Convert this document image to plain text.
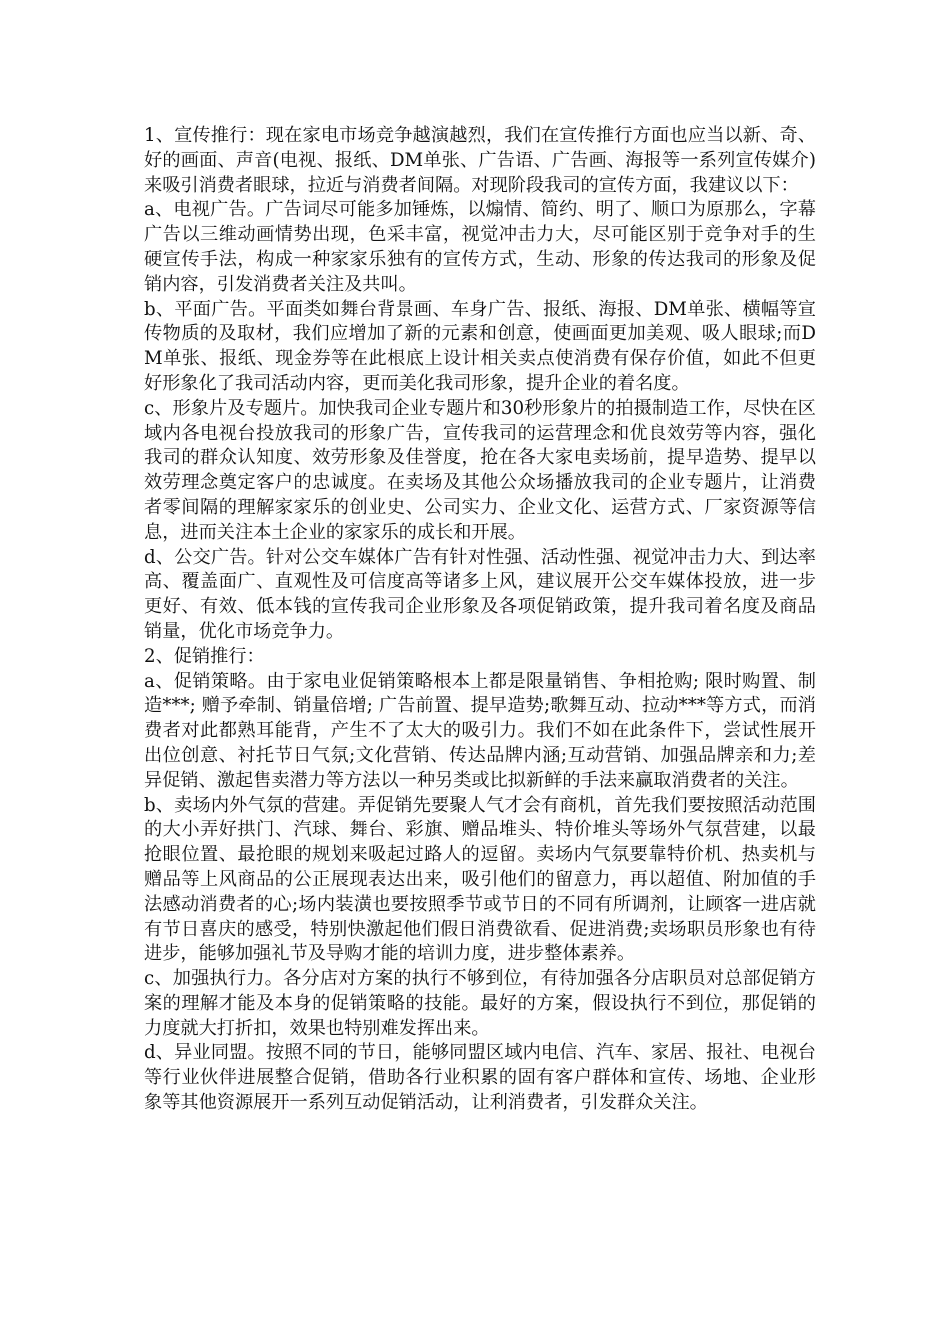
1、宣传推行：现在家电市场竞争越演越烈，我们在宣传推行方面也应当以新、奇、好的画面、声音(电视、报纸、DM单张、广告语、广告画、海报等一系列宣传媒介)来吸引消费者眼球，拉近与消费者间隔。对现阶段我司的宣传方面，我建议以下：

a、电视广告。广告词尽可能多加锤炼，以煽情、简约、明了、顺口为原那么，字幕广告以三维动画情势出现，色采丰富，视觉冲击力大，尽可能区别于竞争对手的生硬宣传手法，构成一种家家乐独有的宣传方式，生动、形象的传达我司的形象及促销内容，引发消费者关注及共叫。

b、平面广告。平面类如舞台背景画、车身广告、报纸、海报、DM单张、横幅等宣传物质的及取材，我们应增加了新的元素和创意，使画面更加美观、吸人眼球;而DM单张、报纸、现金券等在此根底上设计相关卖点使消费有保存价值，如此不但更好形象化了我司活动内容，更而美化我司形象，提升企业的着名度。

c、形象片及专题片。加快我司企业专题片和30秒形象片的拍摄制造工作，尽快在区域内各电视台投放我司的形象广告，宣传我司的运营理念和优良效劳等内容，强化我司的群众认知度、效劳形象及佳誉度，抢在各大家电卖场前，提早造势、提早以效劳理念奠定客户的忠诚度。在卖场及其他公众场播放我司的企业专题片，让消费者零间隔的理解家家乐的创业史、公司实力、企业文化、运营方式、厂家资源等信息，进而关注本土企业的家家乐的成长和开展。

d、公交广告。针对公交车媒体广告有针对性强、活动性强、视觉冲击力大、到达率高、覆盖面广、直观性及可信度高等诸多上风，建议展开公交车媒体投放，进一步更好、有效、低本钱的宣传我司企业形象及各项促销政策，提升我司着名度及商品销量，优化市场竞争力。

2、促销推行：

a、促销策略。由于家电业促销策略根本上都是限量销售、争相抢购; 限时购置、制造***; 赠予牵制、销量倍增; 广告前置、提早造势;歌舞互动、拉动***等方式，而消费者对此都熟耳能背，产生不了太大的吸引力。我们不如在此条件下，尝试性展开出位创意、衬托节日气氛;文化营销、传达品牌内涵;互动营销、加强品牌亲和力;差异促销、激起售卖潜力等方法以一种另类或比拟新鲜的手法来赢取消费者的关注。

b、卖场内外气氛的营建。弄促销先要聚人气才会有商机，首先我们要按照活动范围的大小弄好拱门、汽球、舞台、彩旗、赠品堆头、特价堆头等场外气氛营建，以最抢眼位置、最抢眼的规划来吸起过路人的逗留。卖场内气氛要靠特价机、热卖机与赠品等上风商品的公正展现表达出来，吸引他们的留意力，再以超值、附加值的手法感动消费者的心;场内装潢也要按照季节或节日的不同有所调剂，让顾客一进店就有节日喜庆的感受，特别快激起他们假日消费欲看、促进消费;卖场职员形象也有待进步，能够加强礼节及导购才能的培训力度，进步整体素养。

c、加强执行力。各分店对方案的执行不够到位，有待加强各分店职员对总部促销方案的理解才能及本身的促销策略的技能。最好的方案，假设执行不到位，那促销的力度就大打折扣，效果也特别难发挥出来。

d、异业同盟。按照不同的节日，能够同盟区域内电信、汽车、家居、报社、电视台等行业伙伴进展整合促销，借助各行业积累的固有客户群体和宣传、场地、企业形象等其他资源展开一系列互动促销活动，让利消费者，引发群众关注。
